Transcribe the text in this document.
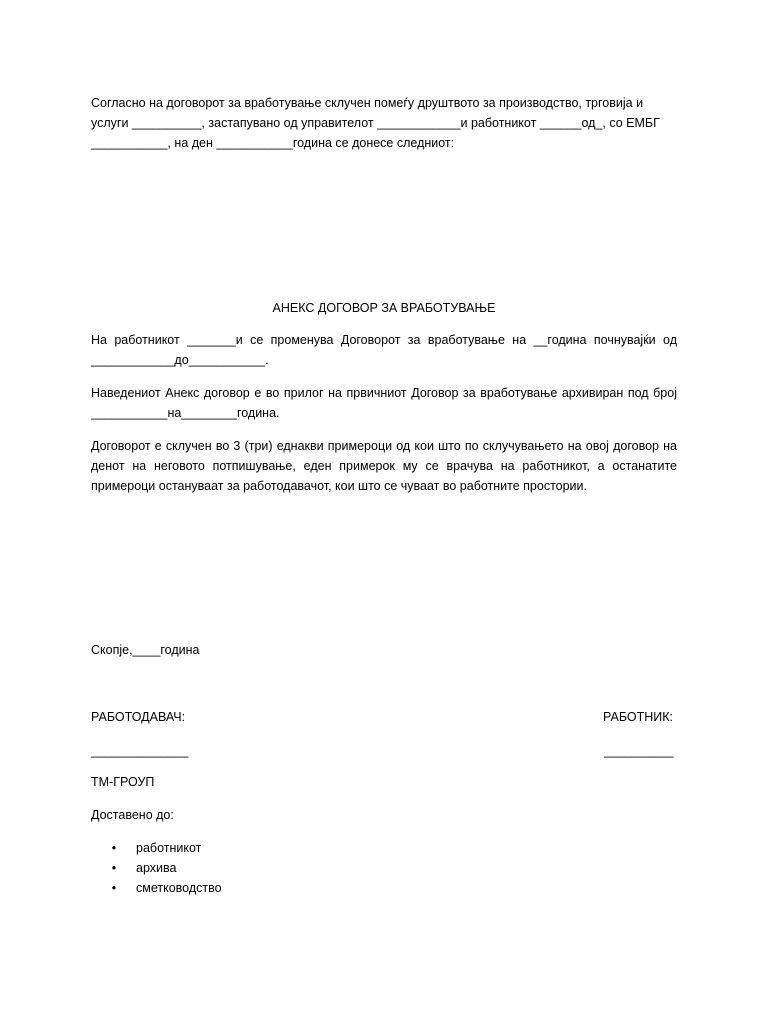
Согласно на договорот за вработување склучен помеѓу друштвото за производство, трговија и услуги __________, застапувано од управителот ____________и работникот ______од_, со ЕМБГ ___________, на ден ___________година се донесе следниот:
АНЕКС ДОГОВОР ЗА ВРАБОТУВАЊЕ
На работникот _______и се променува Договорот за вработување на __година почнувајќи од ____________до___________.
Наведениот Анекс договор е во прилог на првичниот Договор за вработување архивиран под број ___________на________година.
Договорот е склучен во 3 (три) еднакви примероци од кои што по склучувањето на овој договор на денот на неговото потпишување, еден примерок му се врачува на работникот, а останатите примероци остануваат за работодавачот, кои што се чуваат во работните простории.
Скопје,____година
РАБОТОДАВАЧ:	РАБОТНИК:
______________	__________
ТМ-ГРОУП
Доставено до:
• работникот
• архива
• сметководство
